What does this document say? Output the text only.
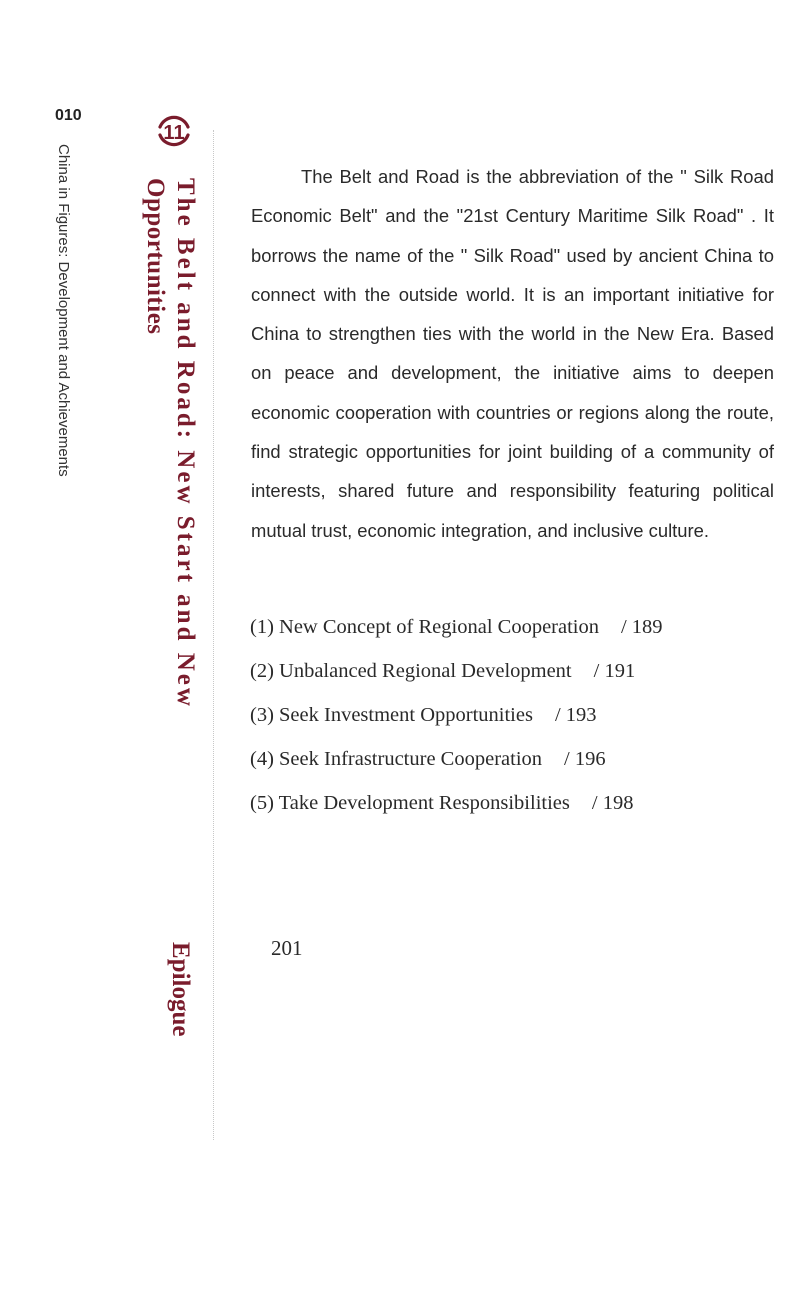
010
China in Figures: Development and Achievements
11
The Belt and Road: New Start and New
Opportunities
Epilogue

The Belt and Road is the abbreviation of the " Silk Road Economic Belt" and the "21st Century Maritime Silk Road" . It borrows the name of the " Silk Road" used by ancient China to connect with the outside world. It is an important initiative for China to strengthen ties with the world in the New Era. Based on peace and development, the initiative aims to deepen economic cooperation with countries or regions along the route, find strategic opportunities for joint building of a community of interests, shared future and responsibility featuring political mutual trust, economic integration, and inclusive culture.

(1) New Concept of Regional Cooperation / 189
(2) Unbalanced Regional Development / 191
(3) Seek Investment Opportunities / 193
(4) Seek Infrastructure Cooperation / 196
(5) Take Development Responsibilities / 198
201
